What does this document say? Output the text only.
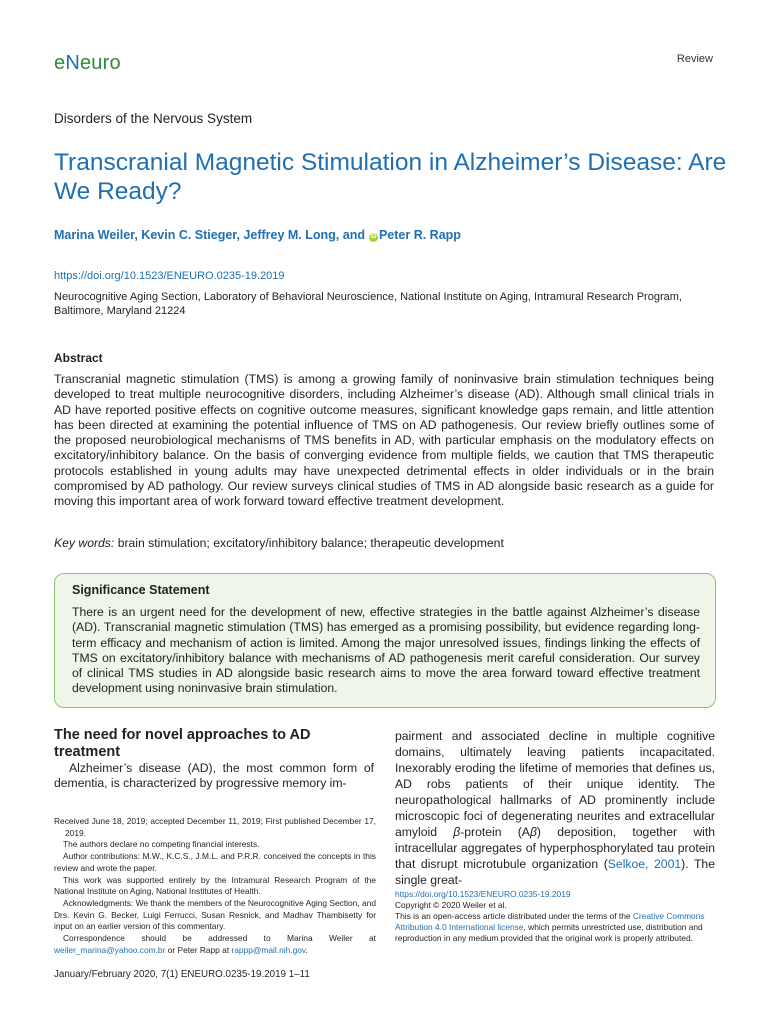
eNeuro	Review
Disorders of the Nervous System
Transcranial Magnetic Stimulation in Alzheimer’s Disease: Are We Ready?
Marina Weiler, Kevin C. Stieger, Jeffrey M. Long, and iD Peter R. Rapp
https://doi.org/10.1523/ENEURO.0235-19.2019
Neurocognitive Aging Section, Laboratory of Behavioral Neuroscience, National Institute on Aging, Intramural Research Program, Baltimore, Maryland 21224
Abstract
Transcranial magnetic stimulation (TMS) is among a growing family of noninvasive brain stimulation techniques being developed to treat multiple neurocognitive disorders, including Alzheimer’s disease (AD). Although small clinical trials in AD have reported positive effects on cognitive outcome measures, significant knowledge gaps remain, and little attention has been directed at examining the potential influence of TMS on AD pathogenesis. Our review briefly outlines some of the proposed neurobiological mechanisms of TMS benefits in AD, with particular emphasis on the modulatory effects on excitatory/inhibitory balance. On the basis of converging evidence from multiple fields, we caution that TMS therapeutic protocols established in young adults may have unexpected detrimental effects in older individuals or in the brain compromised by AD pathology. Our review surveys clinical studies of TMS in AD alongside basic research as a guide for moving this important area of work forward toward effective treatment development.
Key words: brain stimulation; excitatory/inhibitory balance; therapeutic development
Significance Statement
There is an urgent need for the development of new, effective strategies in the battle against Alzheimer’s disease (AD). Transcranial magnetic stimulation (TMS) has emerged as a promising possibility, but evidence regarding long-term efficacy and mechanism of action is limited. Among the major unresolved issues, findings linking the effects of TMS on excitatory/inhibitory balance with mechanisms of AD pathogenesis merit careful consideration. Our survey of clinical TMS studies in AD alongside basic research aims to move the area forward toward effective treatment development using noninvasive brain stimulation.
The need for novel approaches to AD treatment
Alzheimer’s disease (AD), the most common form of dementia, is characterized by progressive memory im-
pairment and associated decline in multiple cognitive domains, ultimately leaving patients incapacitated. Inexorably eroding the lifetime of memories that defines us, AD robs patients of their unique identity. The neuropathological hallmarks of AD prominently include microscopic foci of degenerating neurites and extracellular amyloid β-protein (Aβ) deposition, together with intracellular aggregates of hyperphosphorylated tau protein that disrupt microtubule organization (Selkoe, 2001). The single great-

Received June 18, 2019; accepted December 11, 2019; First published December 17, 2019.

The authors declare no competing financial interests.

Author contributions: M.W., K.C.S., J.M.L. and P.R.R. conceived the concepts in this review and wrote the paper.

This work was supported entirely by the Intramural Research Program of the National Institute on Aging, National Institutes of Health.

Acknowledgments: We thank the members of the Neurocognitive Aging Section, and Drs. Kevin G. Becker, Luigi Ferrucci, Susan Resnick, and Madhav Thambisetty for input on an earlier version of this commentary.

Correspondence should be addressed to Marina Weiler at weiler_marina@yahoo.com.br or Peter Rapp at rappp@mail.nih.gov.

January/February 2020, 7(1) ENEURO.0235-19.2019 1–11

https://doi.org/10.1523/ENEURO.0235-19.2019

Copyright © 2020 Weiler et al.

This is an open-access article distributed under the terms of the Creative Commons Attribution 4.0 International license, which permits unrestricted use, distribution and reproduction in any medium provided that the original work is properly attributed.
